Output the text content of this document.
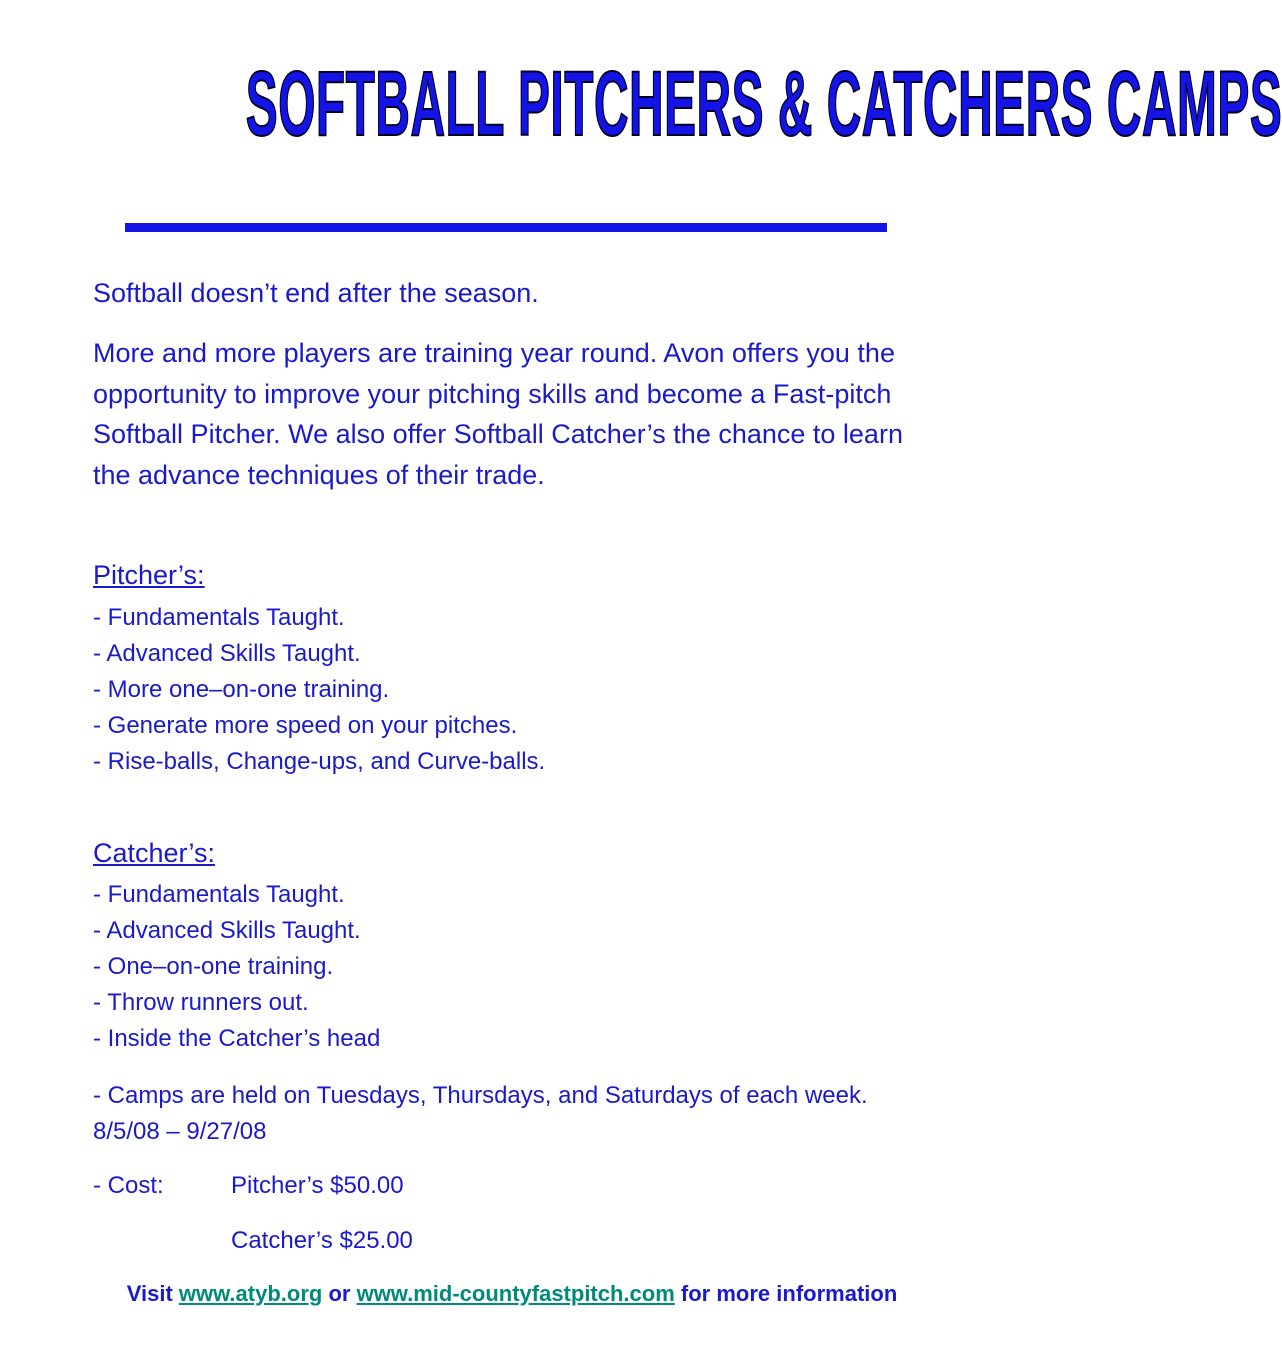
SOFTBALL PITCHERS & CATCHERS CAMPS
Softball doesn’t end after the season.
More and more players are training year round. Avon offers you the opportunity to improve your pitching skills and become a Fast-pitch Softball Pitcher. We also offer Softball Catcher’s the chance to learn the advance techniques of their trade.
Pitcher’s:
- Fundamentals Taught.
- Advanced Skills Taught.
- More one–on-one training.
- Generate more speed on your pitches.
- Rise-balls, Change-ups, and Curve-balls.
Catcher’s:
- Fundamentals Taught.
- Advanced Skills Taught.
- One–on-one training.
- Throw runners out.
- Inside the Catcher’s head
- Camps are held on Tuesdays, Thursdays, and Saturdays of each week. 8/5/08 – 9/27/08
- Cost:	Pitcher’s $50.00
Catcher’s $25.00
Visit www.atyb.org or www.mid-countyfastpitch.com for more information
